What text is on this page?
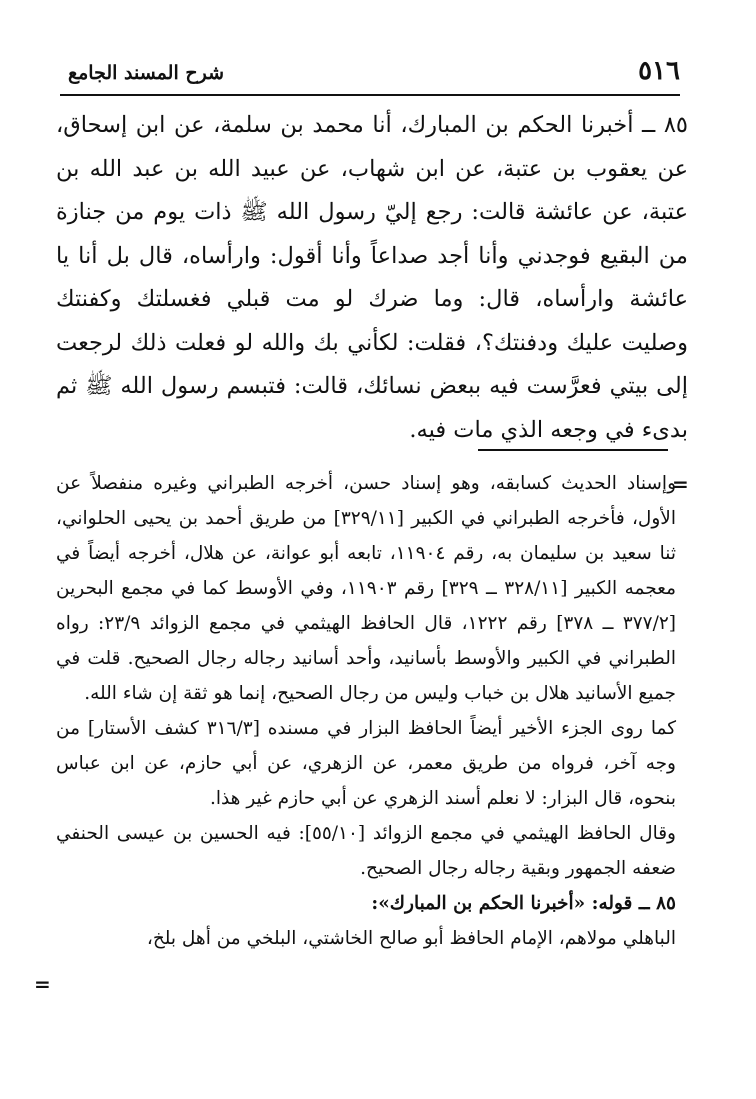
٥١٦
شرح المسند الجامع

٨٥ ــ أخبرنا الحكم بن المبارك، أنا محمد بن سلمة، عن ابن إسحاق، عن يعقوب بن عتبة، عن ابن شهاب، عن عبيد الله بن عبد الله بن عتبة، عن عائشة قالت: رجع إليّ رسول الله ﷺ ذات يوم من جنازة من البقيع فوجدني وأنا أجد صداعاً وأنا أقول: وارأساه، قال بل أنا يا عائشة وارأساه، قال: وما ضرك لو مت قبلي فغسلتك وكفنتك وصليت عليك ودفنتك؟، فقلت: لكأني بك والله لو فعلت ذلك لرجعت إلى بيتي فعرَّست فيه ببعض نسائك، قالت: فتبسم رسول الله ﷺ ثم بدىء في وجعه الذي مات فيه.

=

وإسناد الحديث كسابقه، وهو إسناد حسن، أخرجه الطبراني وغيره منفصلاً عن الأول، فأخرجه الطبراني في الكبير [٣٢٩/١١] من طريق أحمد بن يحيى الحلواني، ثنا سعيد بن سليمان به، رقم ١١٩٠٤، تابعه أبو عوانة، عن هلال، أخرجه أيضاً في معجمه الكبير [٣٢٨/١١ ــ ٣٢٩] رقم ١١٩٠٣، وفي الأوسط كما في مجمع البحرين [٣٧٧/٢ ــ ٣٧٨] رقم ١٢٢٢، قال الحافظ الهيثمي في مجمع الزوائد ٢٣/٩: رواه الطبراني في الكبير والأوسط بأسانيد، وأحد أسانيد رجاله رجال الصحيح. قلت في جميع الأسانيد هلال بن خباب وليس من رجال الصحيح، إنما هو ثقة إن شاء الله.

كما روى الجزء الأخير أيضاً الحافظ البزار في مسنده [٣١٦/٣ كشف الأستار] من وجه آخر، فرواه من طريق معمر، عن الزهري، عن أبي حازم، عن ابن عباس بنحوه، قال البزار: لا نعلم أسند الزهري عن أبي حازم غير هذا.

وقال الحافظ الهيثمي في مجمع الزوائد [٥٥/١٠]: فيه الحسين بن عيسى الحنفي ضعفه الجمهور وبقية رجاله رجال الصحيح.

٨٥ ــ قوله: «أخبرنا الحكم بن المبارك»:

الباهلي مولاهم، الإمام الحافظ أبو صالح الخاشتي، البلخي من أهل بلخ،

=
